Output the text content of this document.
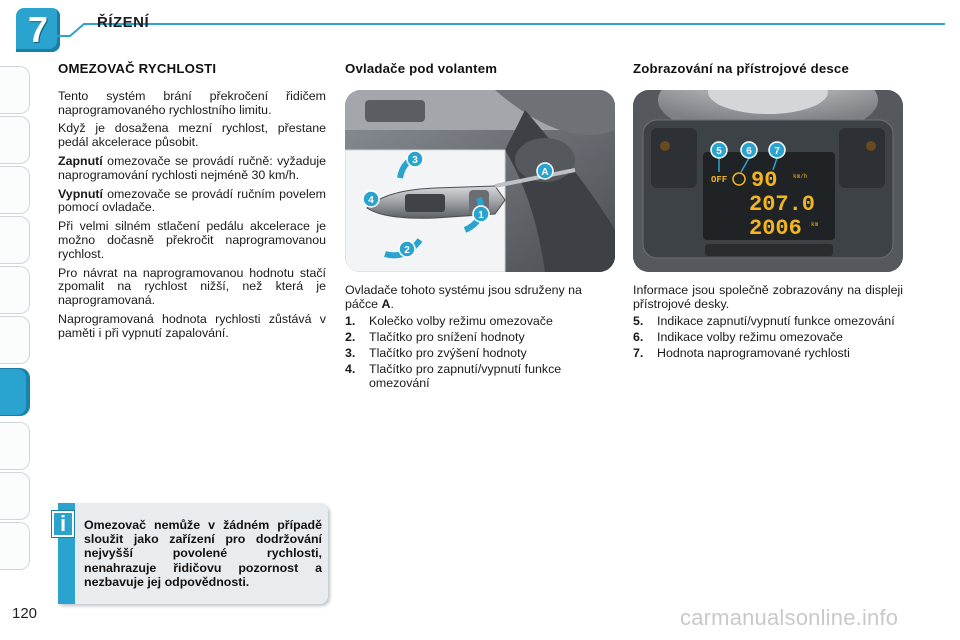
7	ŘÍZENÍ
OMEZOVAČ RYCHLOSTI

Tento systém brání překročení řidičem naprogramovaného rychlostního limitu.

Když je dosažena mezní rychlost, přestane pedál akcelerace působit.

Zapnutí omezovače se provádí ručně: vyžaduje naprogramování rychlosti nejméně 30 km/h.

Vypnutí omezovače se provádí ručním povelem pomocí ovladače.

Při velmi silném stlačení pedálu akcelerace je možno dočasně překročit naprogramovanou rychlost.

Pro návrat na naprogramovanou hodnotu stačí zpomalit na rychlost nižší, než která je naprogramovaná.

Naprogramovaná hodnota rychlosti zůstává v paměti i při vypnutí zapalování.

Ovladače pod volantem
3
4
1
2
A

Ovladače tohoto systému jsou sdruženy na páčce A.

1.	Kolečko volby režimu omezovače
2.	Tlačítko pro snížení hodnoty
3.	Tlačítko pro zvýšení hodnoty
4.	Tlačítko pro zapnutí/vypnutí funkce omezování
Zobrazování na přístrojové desce
OFF 90	km/h
207.0
2006 km
5 6 7

Informace jsou společně zobrazovány na displeji přístrojové desky.

5.	Indikace zapnutí/vypnutí funkce omezování
6.	Indikace volby režimu omezovače
7.	Hodnota naprogramované rychlosti
i Omezovač nemůže v žádném případě sloužit jako zařízení pro dodržování nejvyšší povolené rychlosti, nenahrazuje řidičovu pozornost a nezbavuje jej odpovědnosti.
120	carmanualsonline.info
